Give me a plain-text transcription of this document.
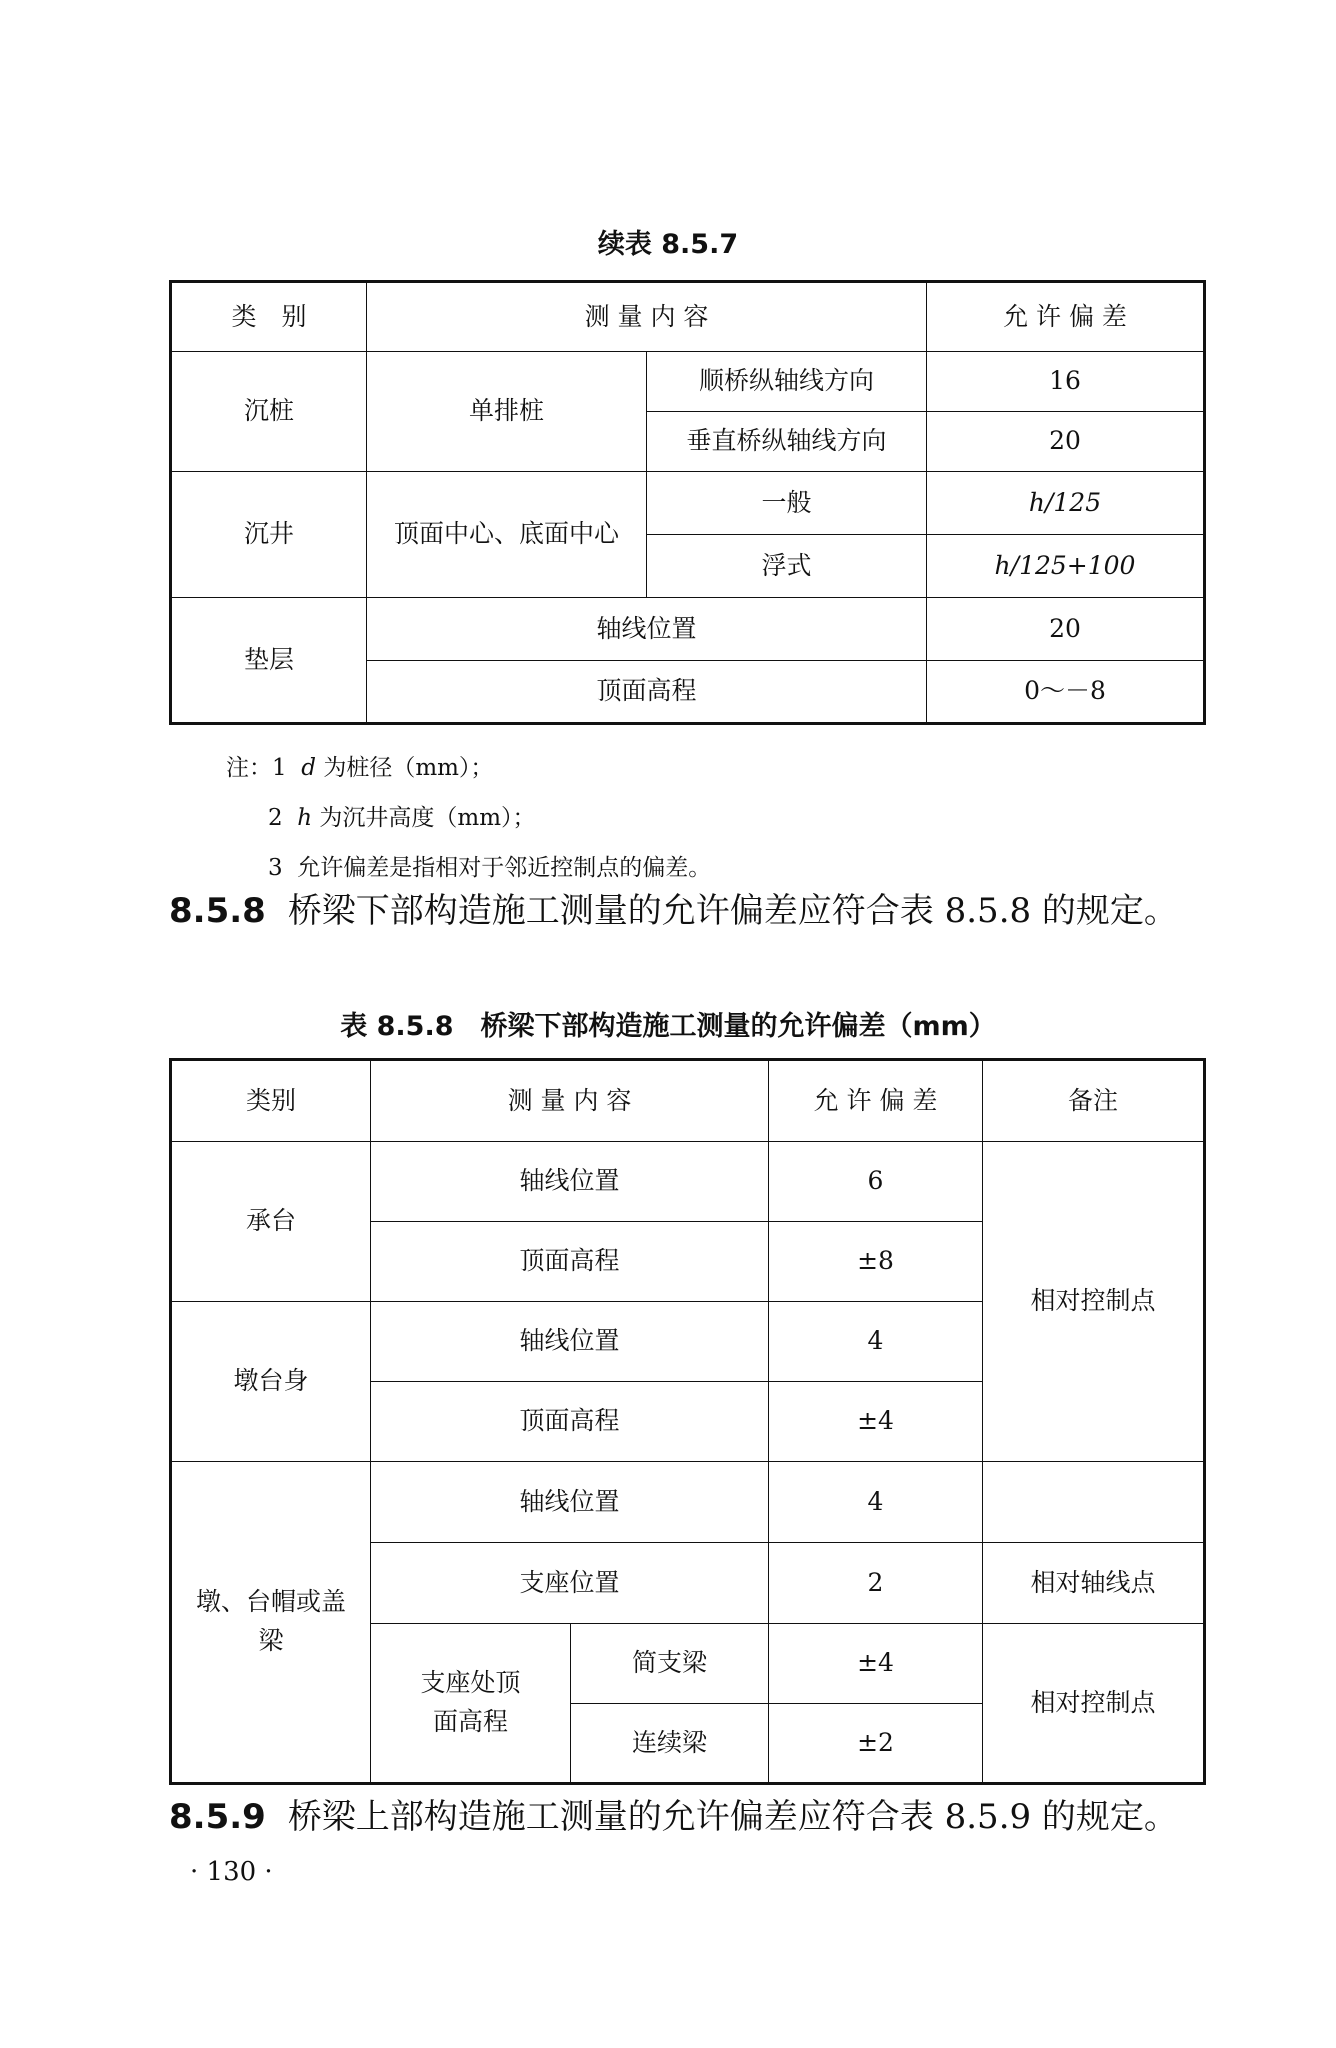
续表 8.5.7
类　别	测 量 内 容		允 许 偏 差
沉桩	单排桩	顺桥纵轴线方向	16
		垂直桥纵轴线方向	20
沉井	顶面中心、底面中心	一般	h/125
		浮式	h/125+100
垫层	轴线位置		20
	顶面高程		0～－8
注：1 d 为桩径（mm）；
2 h 为沉井高度（mm）；
3 允许偏差是指相对于邻近控制点的偏差。
8.5.8 桥梁下部构造施工测量的允许偏差应符合表 8.5.8 的规定。
表 8.5.8　桥梁下部构造施工测量的允许偏差（mm）
类别	测 量 内 容		允 许 偏 差	备注
承台	轴线位置		6	相对控制点
	顶面高程		±8	
墩台身	轴线位置		4	
	顶面高程		±4	
墩、台帽或盖梁	轴线位置		4	
	支座位置		2	相对轴线点
	支座处顶面高程	简支梁	±4	相对控制点
		连续梁	±2	
8.5.9 桥梁上部构造施工测量的允许偏差应符合表 8.5.9 的规定。
· 130 ·
